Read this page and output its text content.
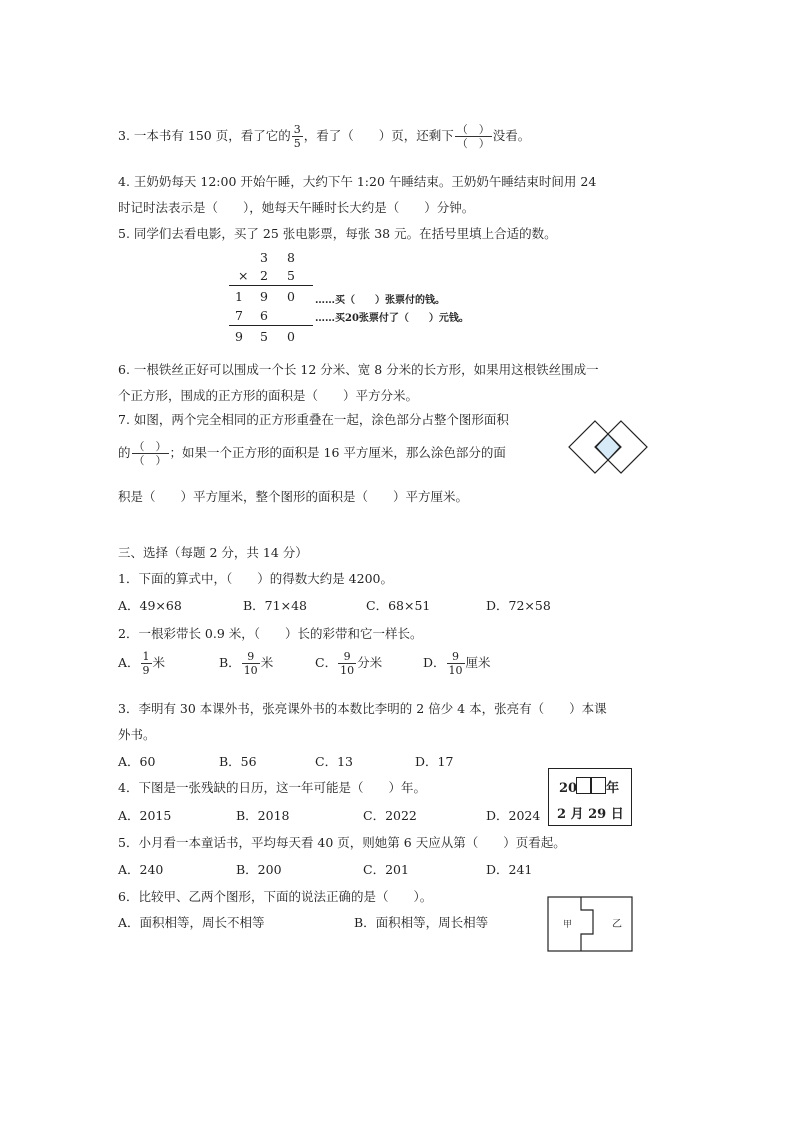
3. 一本书有 150 页，看了它的 $\frac{3}{5}$ ，看了（　　）页，还剩下 $\frac{( )}{( )}$ 没看。
4. 王奶奶每天 12:00 开始午睡，大约下午 1:20 午睡结束。王奶奶午睡结束时间用 24
时记时法表示是（　　），她每天午睡时长大约是（　　）分钟。
5. 同学们去看电影，买了 25 张电影票，每张 38 元。在括号里填上合适的数。
3 8
× 2 5
1 9 0 ……买（　　）张票付的钱。
7 6	……买20张票付了（　　）元钱。
9 5 0
6. 一根铁丝正好可以围成一个长 12 分米、宽 8 分米的长方形，如果用这根铁丝围成一
个正方形，围成的正方形的面积是（　　）平方分米。
7. 如图，两个完全相同的正方形重叠在一起，涂色部分占整个图形面积
的 $\frac{( )}{( )}$ ；如果一个正方形的面积是 16 平方厘米，那么涂色部分的面
积是（　　）平方厘米，整个图形的面积是（　　）平方厘米。
三、选择（每题 2 分，共 14 分）
1．下面的算式中，（　　）的得数大约是 4200。
A．49×68	B．71×48	C．68×51	D．72×58
2．一根彩带长 0.9 米，（　　）长的彩带和它一样长。
A． $\frac{1}{9}$ 米	B． $\frac{9}{10}$ 米	C． $\frac{9}{10}$ 分米	D． $\frac{9}{10}$ 厘米
3．李明有 30 本课外书，张亮课外书的本数比李明的 2 倍少 4 本，张亮有（　　）本课
外书。
A．60	B．56	C．13	D．17
4．下图是一张残缺的日历，这一年可能是（　　）年。
A．2015	B．2018	C．2022	D．2024
20 年
2 月 29 日
5．小月看一本童话书，平均每天看 40 页，则她第 6 天应从第（　　）页看起。
A．240	B．200	C．201	D．241
6．比较甲、乙两个图形，下面的说法正确的是（　　）。
A．面积相等，周长不相等	B．面积相等，周长相等	甲	乙
